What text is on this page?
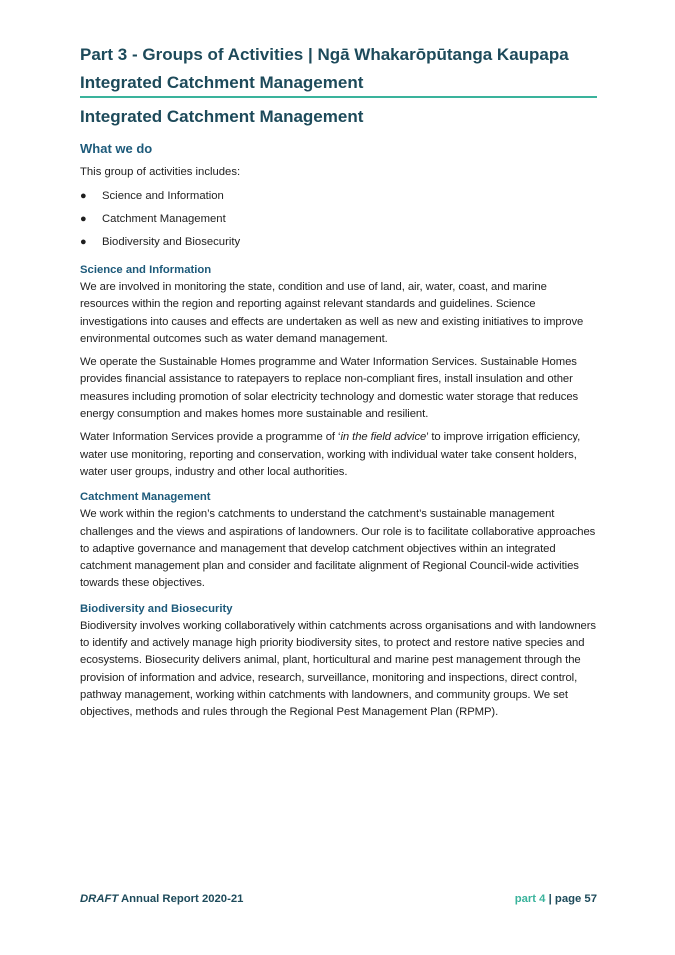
Part 3 - Groups of Activities | Ngā Whakarōpūtanga Kaupapa
Integrated Catchment Management
Integrated Catchment Management
What we do

This group of activities includes:

● Science and Information
● Catchment Management
● Biodiversity and Biosecurity
Science and Information

We are involved in monitoring the state, condition and use of land, air, water, coast, and marine resources within the region and reporting against relevant standards and guidelines. Science investigations into causes and effects are undertaken as well as new and existing initiatives to improve environmental outcomes such as water demand management.

We operate the Sustainable Homes programme and Water Information Services. Sustainable Homes provides financial assistance to ratepayers to replace non-compliant fires, install insulation and other measures including promotion of solar electricity technology and domestic water storage that reduces energy consumption and makes homes more sustainable and resilient.

Water Information Services provide a programme of ‘in the field advice’ to improve irrigation efficiency, water use monitoring, reporting and conservation, working with individual water take consent holders, water user groups, industry and other local authorities.

Catchment Management

We work within the region’s catchments to understand the catchment’s sustainable management challenges and the views and aspirations of landowners. Our role is to facilitate collaborative approaches to adaptive governance and management that develop catchment objectives within an integrated catchment management plan and consider and facilitate alignment of Regional Council-wide activities towards these objectives.

Biodiversity and Biosecurity

Biodiversity involves working collaboratively within catchments across organisations and with landowners to identify and actively manage high priority biodiversity sites, to protect and restore native species and ecosystems. Biosecurity delivers animal, plant, horticultural and marine pest management through the provision of information and advice, research, surveillance, monitoring and inspections, direct control, pathway management, working within catchments with landowners, and community groups. We set objectives, methods and rules through the Regional Pest Management Plan (RPMP).

DRAFT Annual Report 2020-21	part 4 | page 57
